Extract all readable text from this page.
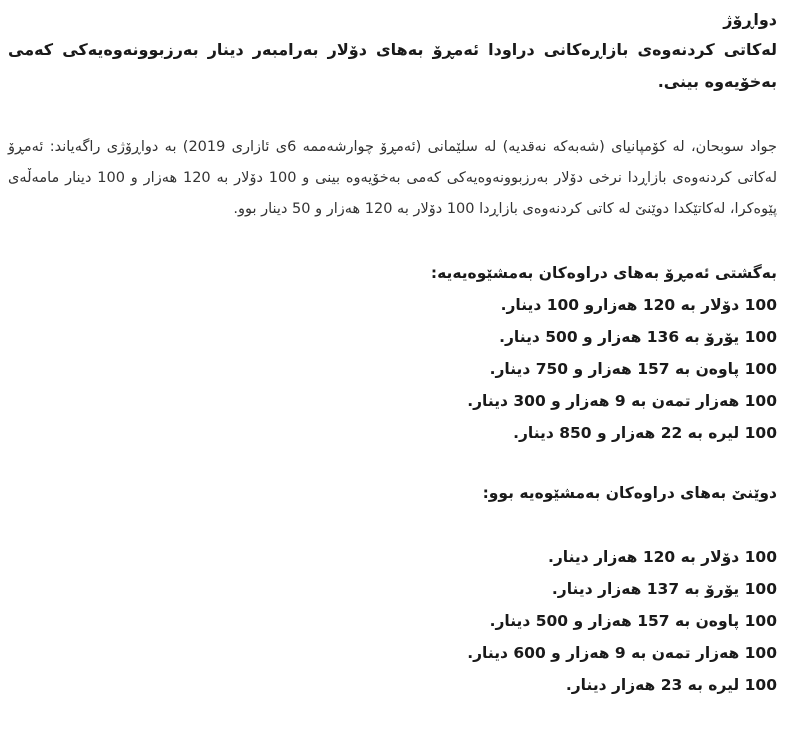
دواڕۆژ

لەكاتی كردنەوەی بازاڕەكانی دراودا ئەمڕۆ بەهای دۆلار بەرامبەر دینار بەرزبوونەوەیەكی كەمی بەخۆیەوە بینی.

جواد سوبحان، لە كۆمپانیای (شەبەكە نەقدیە) لە سلێمانی (ئەمڕۆ چوارشەممە 6ی ئازاری 2019) بە دواڕۆژی راگەیاند: ئەمڕۆ لەكاتی كردنەوەی بازاڕدا نرخی دۆلار بەرزبوونەوەیەكی كەمی بەخۆیەوە بینی و 100 دۆلار بە 120 هەزار و 100 دینار مامەڵەی پێوەكرا، لەكاتێكدا دوێنێ لە كاتی كردنەوەی بازاڕدا 100 دۆلار بە 120 هەزار و 50 دینار بوو.

بەگشتی ئەمڕۆ بەهای دراوەكان بەمشێوەیەیە:
100 دۆلار بە 120 هەزارو 100 دینار.
100 یۆرۆ بە 136 هەزار و 500 دینار.
100 پاوەن بە 157 هەزار و 750 دینار.
100 هەزار تمەن بە 9 هەزار و 300 دینار.
100 لیرە بە 22 هەزار و 850 دینار.
دوێنێ بەهای دراوەكان بەمشێوەیە بوو:
100 دۆلار بە 120 هەزار دینار.
100 یۆرۆ بە 137 هەزار دینار.
100 پاوەن بە 157 هەزار و 500 دینار.
100 هەزار تمەن بە 9 هەزار و 600 دینار.
100 لیرە بە 23 هەزار دینار.
